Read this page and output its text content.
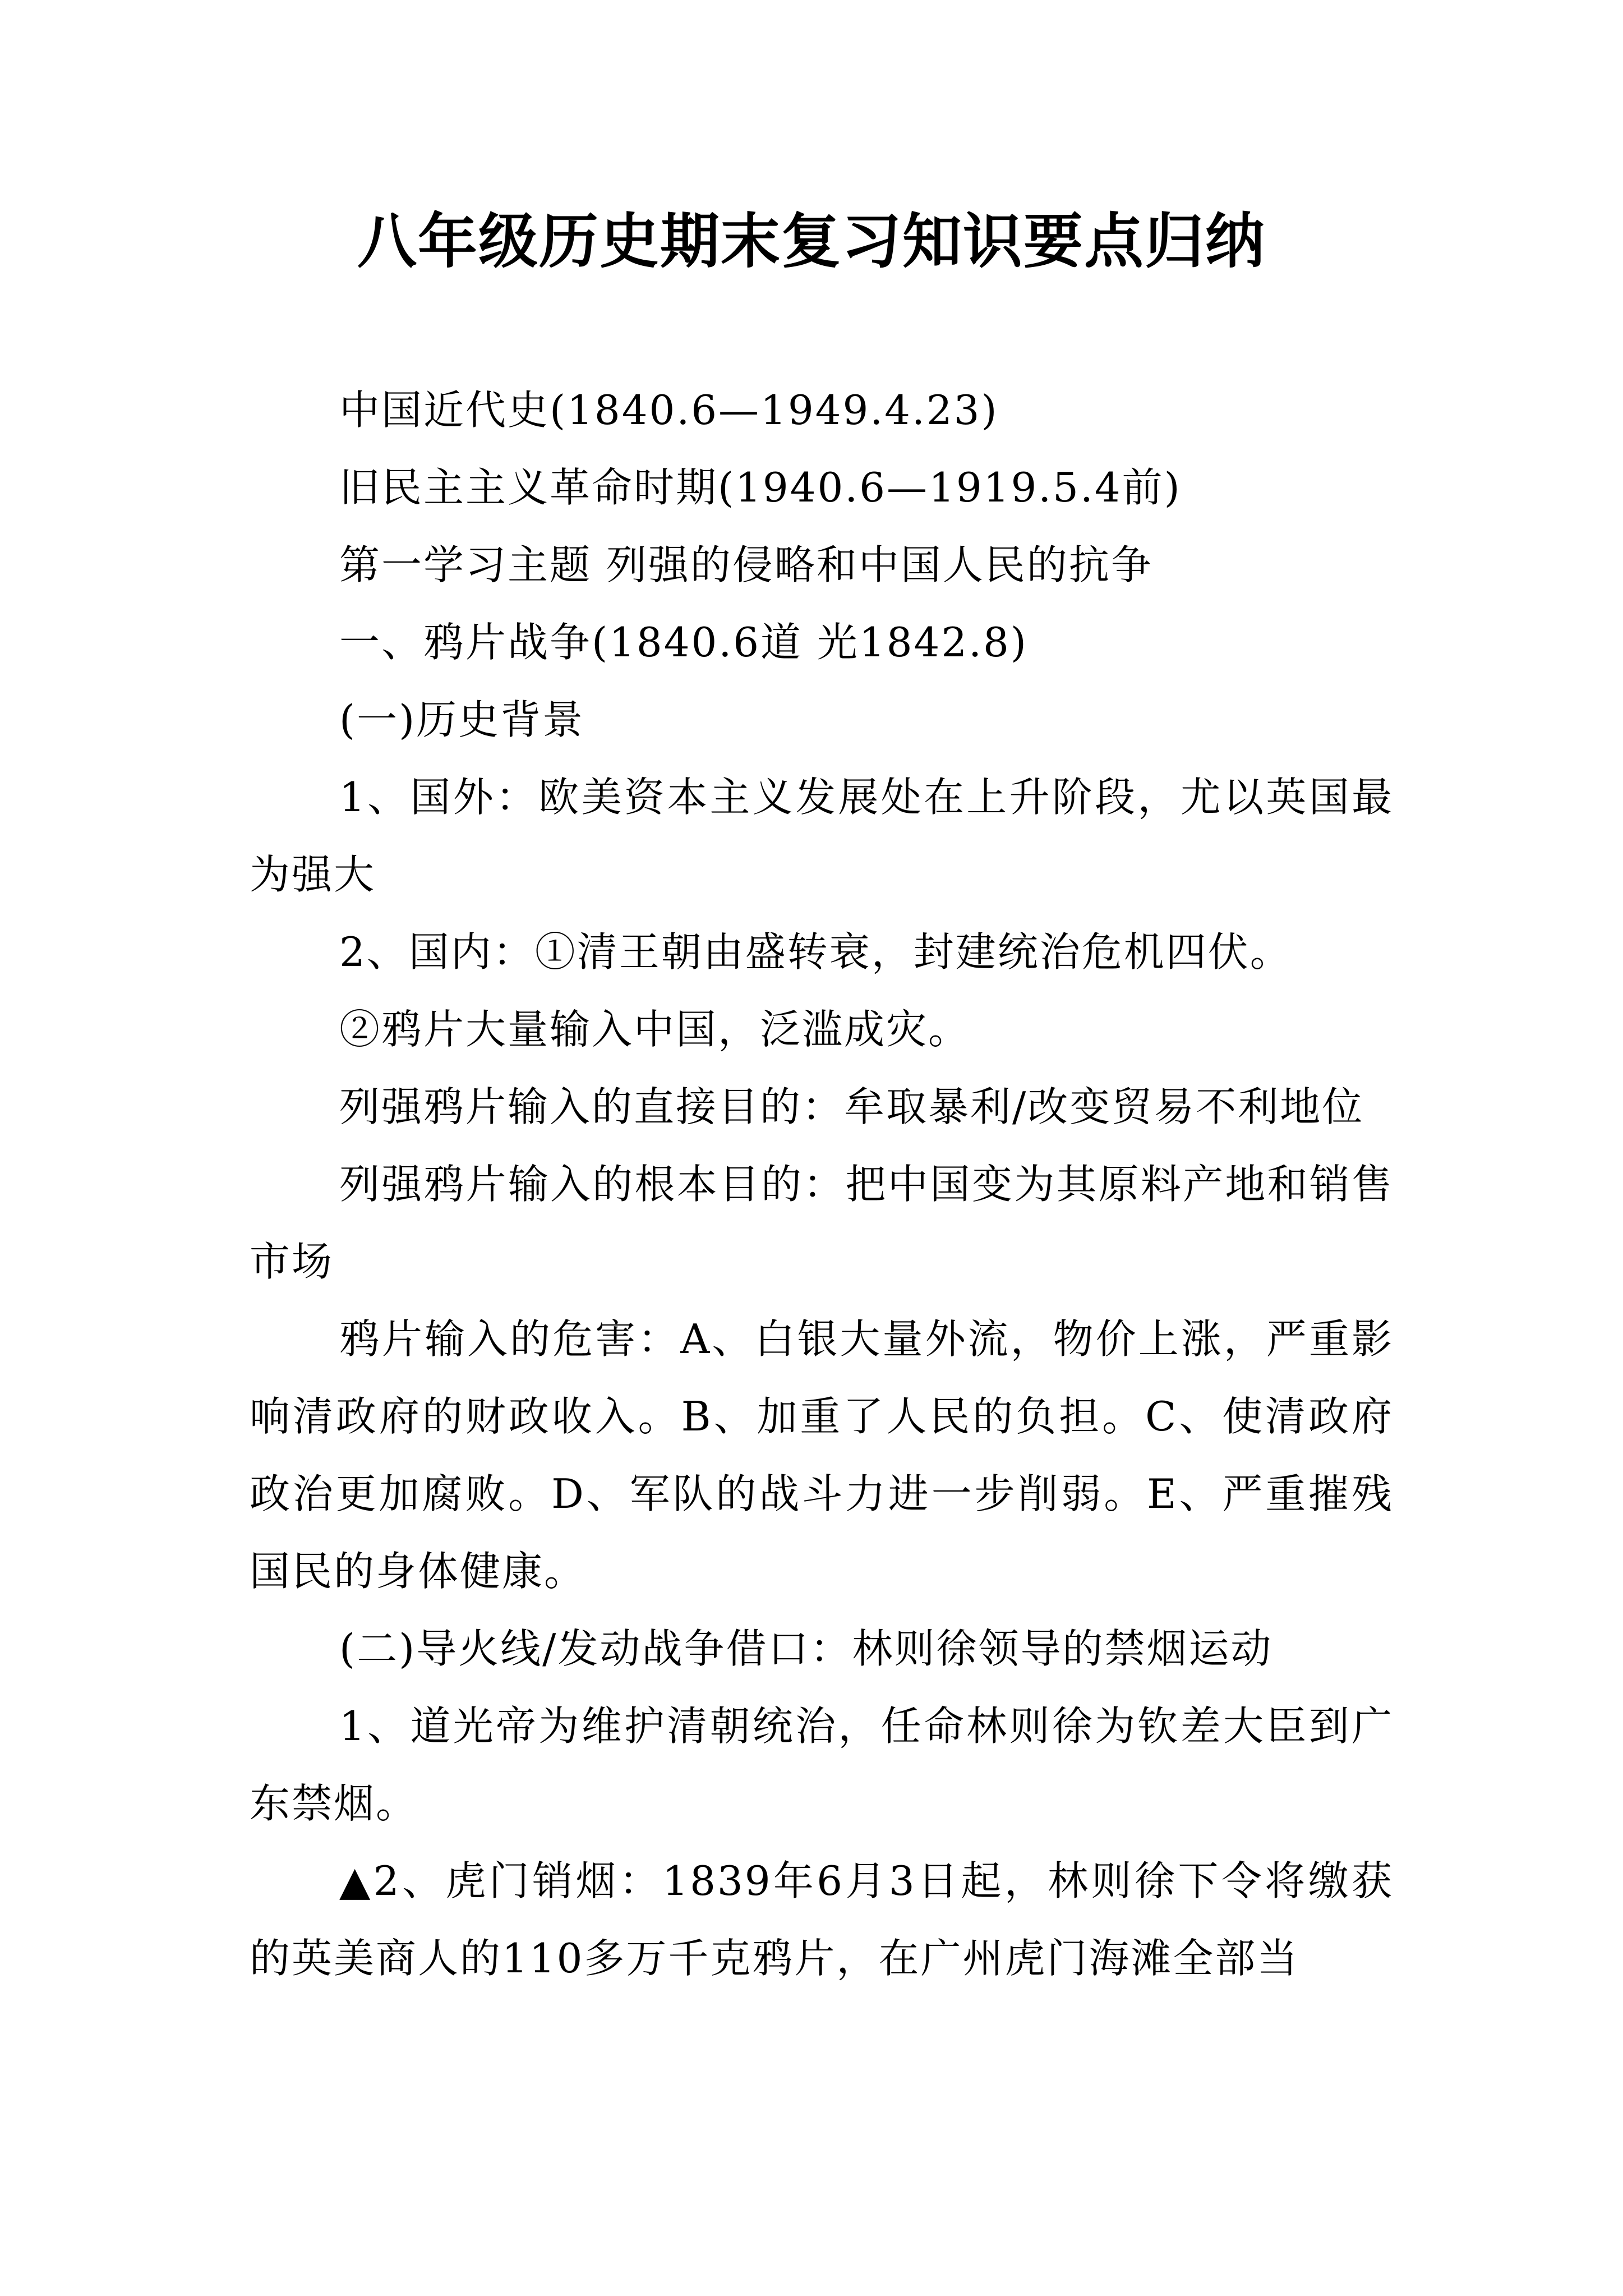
八年级历史期末复习知识要点归纳

中国近代史(1840.6—1949.4.23)

旧民主主义革命时期(1940.6—1919.5.4前)

第一学习主题 列强的侵略和中国人民的抗争

一、鸦片战争(1840.6道 光1842.8)

(一)历史背景

1、国外：欧美资本主义发展处在上升阶段，尤以英国最为强大

2、国内：①清王朝由盛转衰，封建统治危机四伏。

②鸦片大量输入中国，泛滥成灾。

列强鸦片输入的直接目的：牟取暴利/改变贸易不利地位

列强鸦片输入的根本目的：把中国变为其原料产地和销售市场

鸦片输入的危害：A、白银大量外流，物价上涨，严重影响清政府的财政收入。B、加重了人民的负担。C、使清政府政治更加腐败。D、军队的战斗力进一步削弱。E、严重摧残国民的身体健康。

(二)导火线/发动战争借口：林则徐领导的禁烟运动

1、道光帝为维护清朝统治，任命林则徐为钦差大臣到广东禁烟。

▲2、虎门销烟：1839年6月3日起，林则徐下令将缴获的英美商人的110多万千克鸦片，在广州虎门海滩全部当
